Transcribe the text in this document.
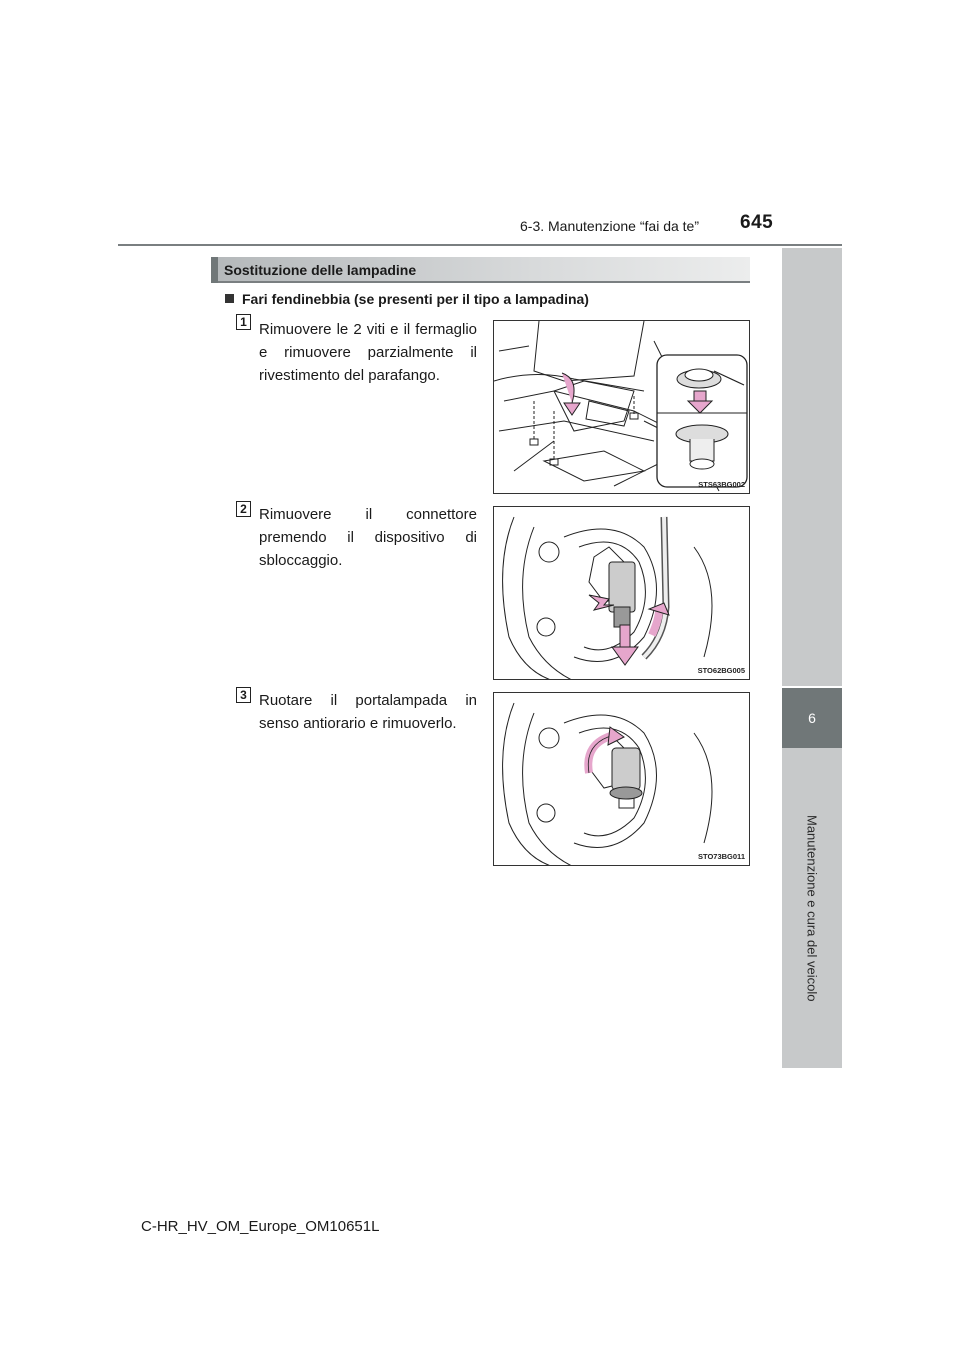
6-3. Manutenzione “fai da te” 645
6
Manutenzione e cura del veicolo
Sostituzione delle lampadine
Fari fendinebbia (se presenti per il tipo a lampadina)
1 Rimuovere le 2 viti e il fermaglio e rimuovere parzialmente il rivestimento del parafango.
STS63BG002
2 Rimuovere il connettore premendo il dispositivo di sbloccaggio.
STO62BG005
3 Ruotare il portalampada in senso antiorario e rimuoverlo.
STO73BG011
C-HR_HV_OM_Europe_OM10651L
